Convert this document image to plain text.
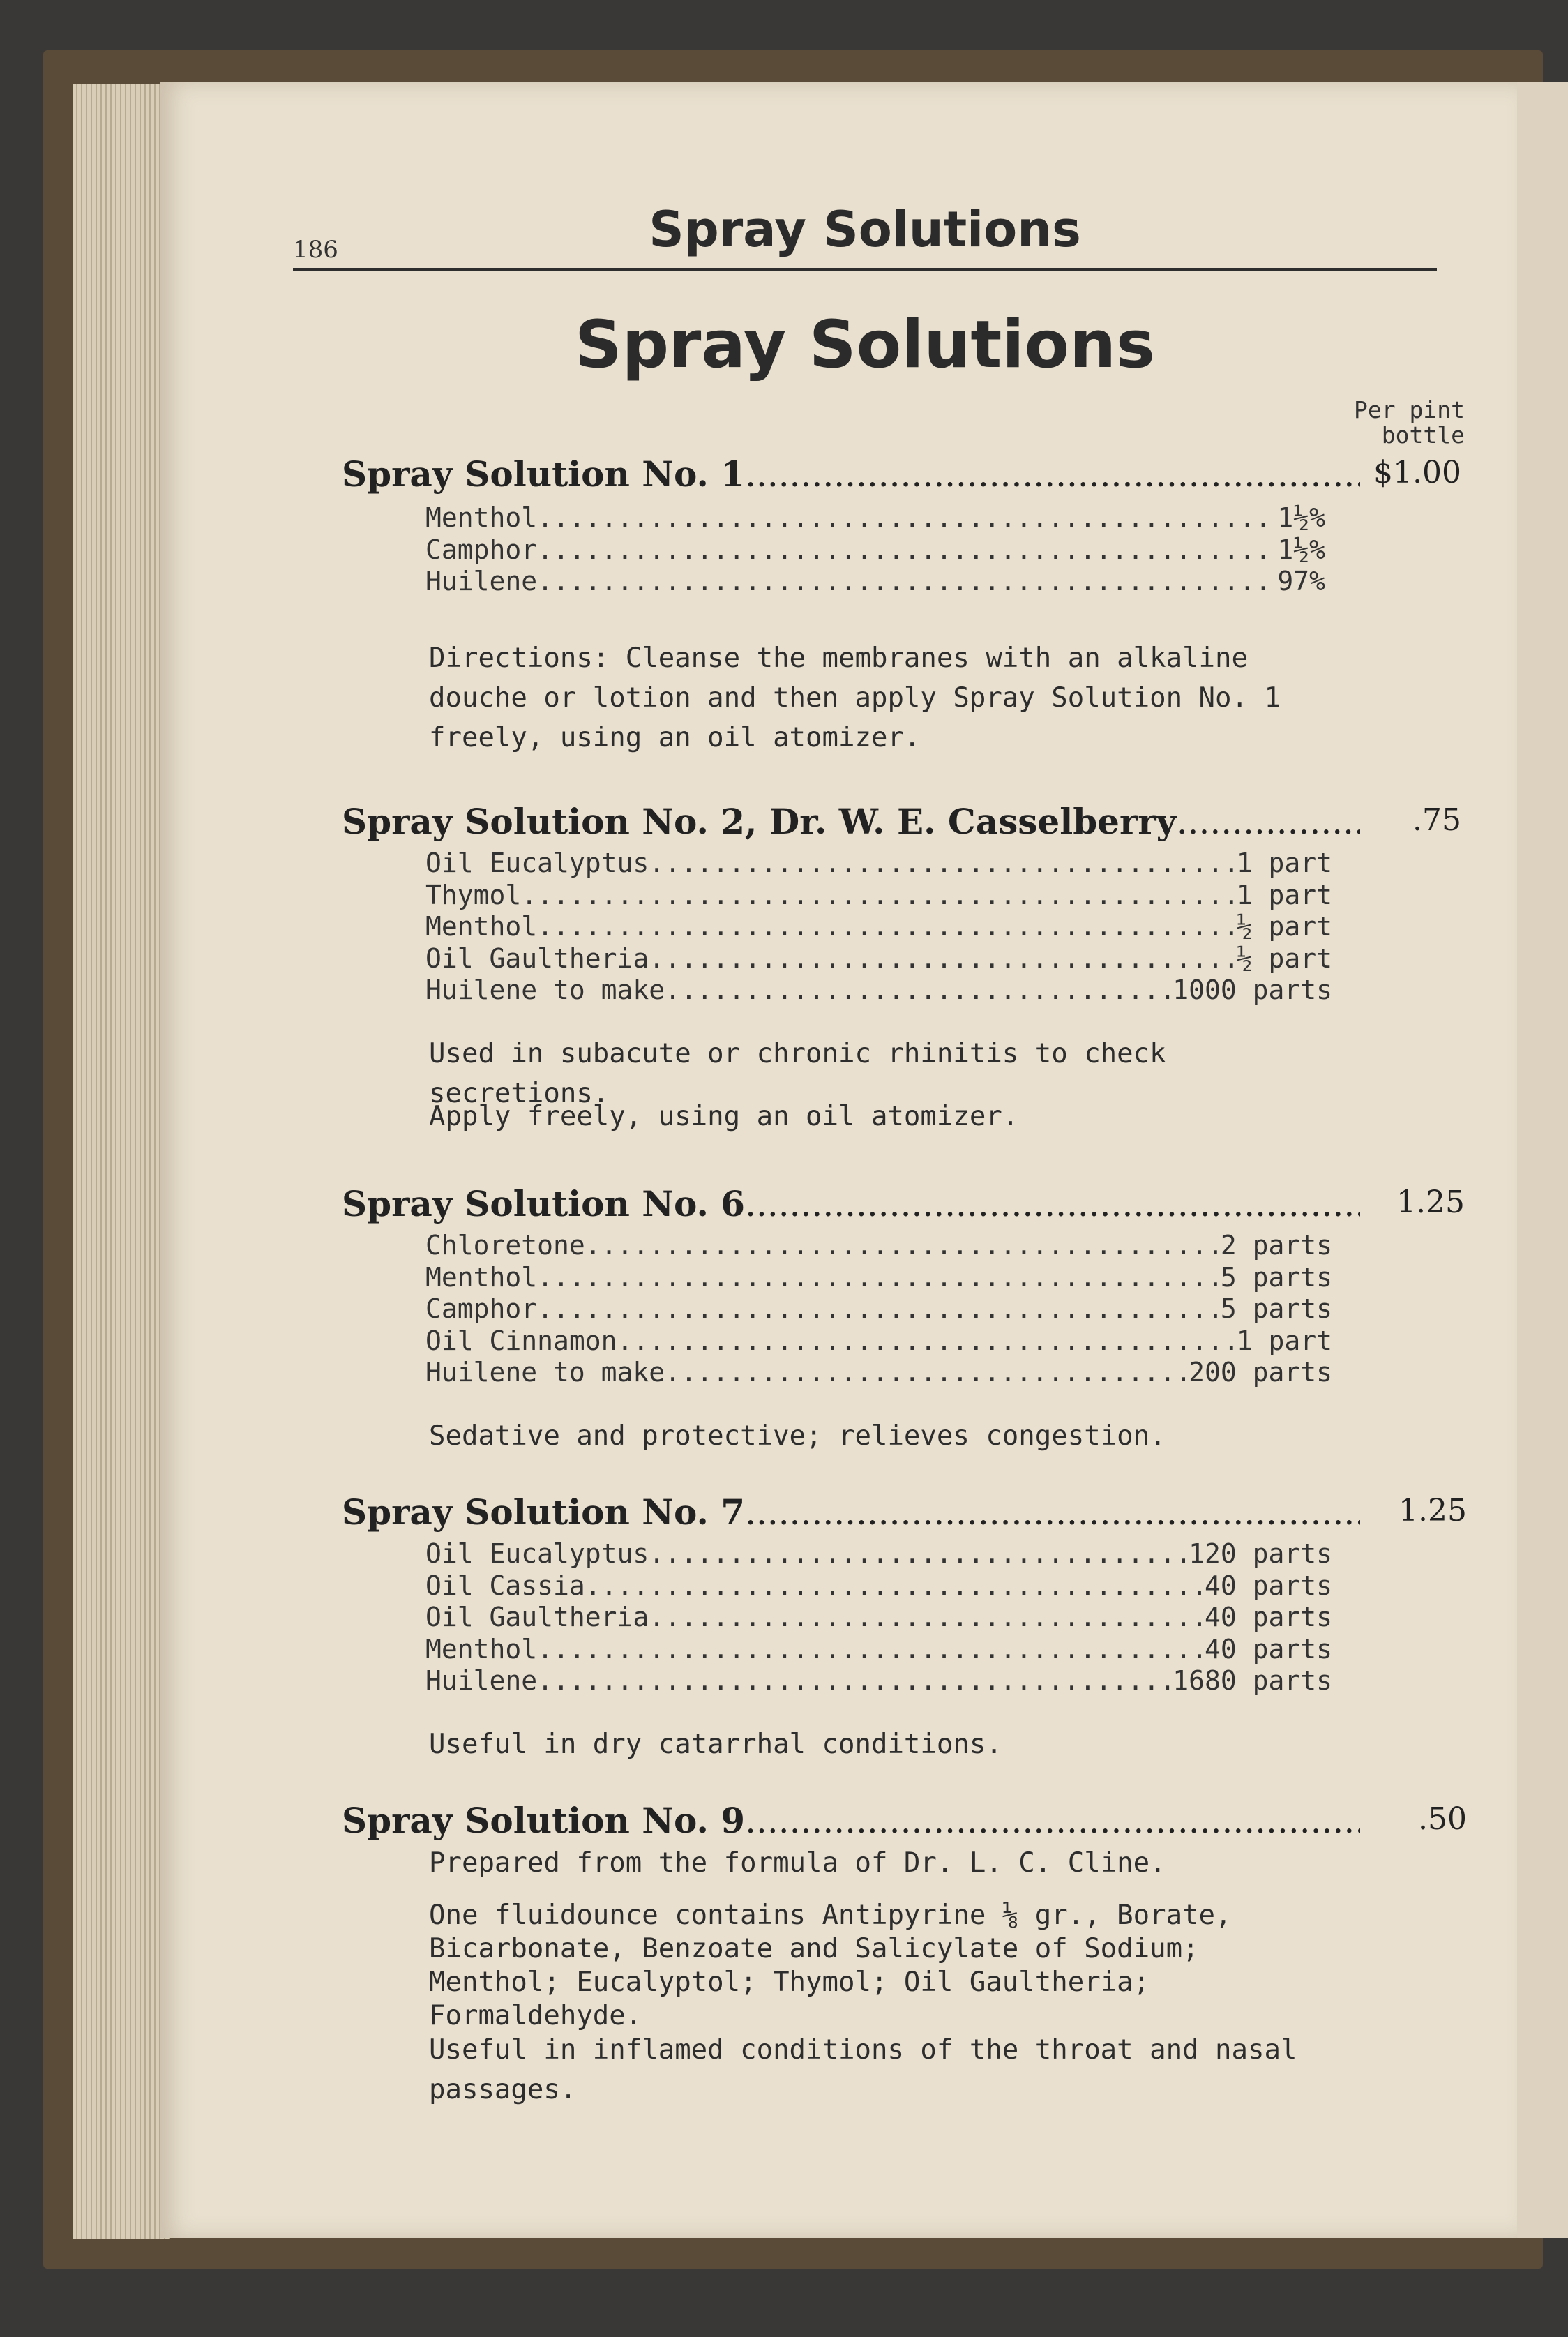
186	Spray Solutions
Spray Solutions
Per pint
bottle
Spray Solution No. 1 .....	$1.00
Menthol .....	1½%
Camphor .....	1½%
Huilene .....	97%
Directions: Cleanse the membranes with an alkaline douche or lotion and then apply Spray Solution No. 1 freely, using an oil atomizer.
Spray Solution No. 2, Dr. W. E. Casselberry .....	.75
Oil Eucalyptus .....	1 part
Thymol .....	1 part
Menthol .....	½ part
Oil Gaultheria .....	½ part
Huilene to make .....	1000 parts
Used in subacute or chronic rhinitis to check secretions.
Apply freely, using an oil atomizer.
Spray Solution No. 6 .....	1.25
Chloretone .....	2 parts
Menthol .....	5 parts
Camphor .....	5 parts
Oil Cinnamon .....	1 part
Huilene to make .....	200 parts
Sedative and protective; relieves congestion.
Spray Solution No. 7 .....	1.25
Oil Eucalyptus .....	120 parts
Oil Cassia .....	40 parts
Oil Gaultheria .....	40 parts
Menthol .....	40 parts
Huilene .....	1680 parts
Useful in dry catarrhal conditions.
Spray Solution No. 9 .....	.50
Prepared from the formula of Dr. L. C. Cline.
One fluidounce contains Antipyrine ⅛ gr., Borate, Bicarbonate, Benzoate and Salicylate of Sodium; Menthol; Eucalyptol; Thymol; Oil Gaultheria; Formaldehyde.
Useful in inflamed conditions of the throat and nasal passages.
